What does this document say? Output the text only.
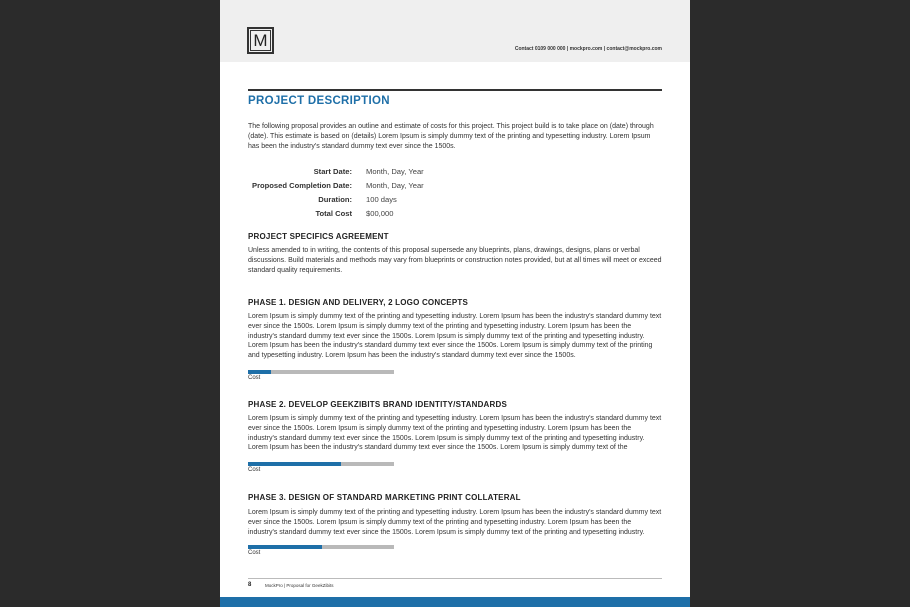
M	Contact 0109 000 000 | mockpro.com | contact@mockpro.com
PROJECT DESCRIPTION
The following proposal provides an outline and estimate of costs for this project. This project build is to take place on (date) through (date). This estimate is based on (details) Lorem Ipsum is simply dummy text of the printing and typesetting industry. Lorem Ipsum has been the industry's standard dummy text ever since the 1500s.
Start Date: Month, Day, Year
Proposed Completion Date: Month, Day, Year
Duration: 100 days
Total Cost $00,000
PROJECT SPECIFICS AGREEMENT
Unless amended to in writing, the contents of this proposal supersede any blueprints, plans, drawings, designs, plans or verbal discussions. Build materials and methods may vary from blueprints or construction notes provided, but at all times will meet or exceed standard quality requirements.
PHASE 1. DESIGN AND DELIVERY, 2 LOGO CONCEPTS
Lorem Ipsum is simply dummy text of the printing and typesetting industry. Lorem Ipsum has been the industry's standard dummy text ever since the 1500s. Lorem Ipsum is simply dummy text of the printing and typesetting industry. Lorem Ipsum has been the industry's standard dummy text ever since the 1500s. Lorem Ipsum is simply dummy text of the printing and typesetting industry. Lorem Ipsum has been the industry's standard dummy text ever since the 1500s. Lorem Ipsum is simply dummy text of the printing and typesetting industry. Lorem Ipsum has been the industry's standard dummy text ever since the 1500s.
Cost
PHASE 2. DEVELOP GEEKZIBITS BRAND IDENTITY/STANDARDS
Lorem Ipsum is simply dummy text of the printing and typesetting industry. Lorem Ipsum has been the industry's standard dummy text ever since the 1500s. Lorem Ipsum is simply dummy text of the printing and typesetting industry. Lorem Ipsum has been the industry's standard dummy text ever since the 1500s. Lorem Ipsum is simply dummy text of the printing and typesetting industry. Lorem Ipsum has been the industry's standard dummy text ever since the 1500s. Lorem Ipsum is simply dummy text of the
Cost
PHASE 3. DESIGN OF STANDARD MARKETING PRINT COLLATERAL
Lorem Ipsum is simply dummy text of the printing and typesetting industry. Lorem Ipsum has been the industry's standard dummy text ever since the 1500s. Lorem Ipsum is simply dummy text of the printing and typesetting industry. Lorem Ipsum has been the industry's standard dummy text ever since the 1500s. Lorem Ipsum is simply dummy text of the printing and typesetting industry.
Cost
8	MockPro | Proposal for GeekZibits
